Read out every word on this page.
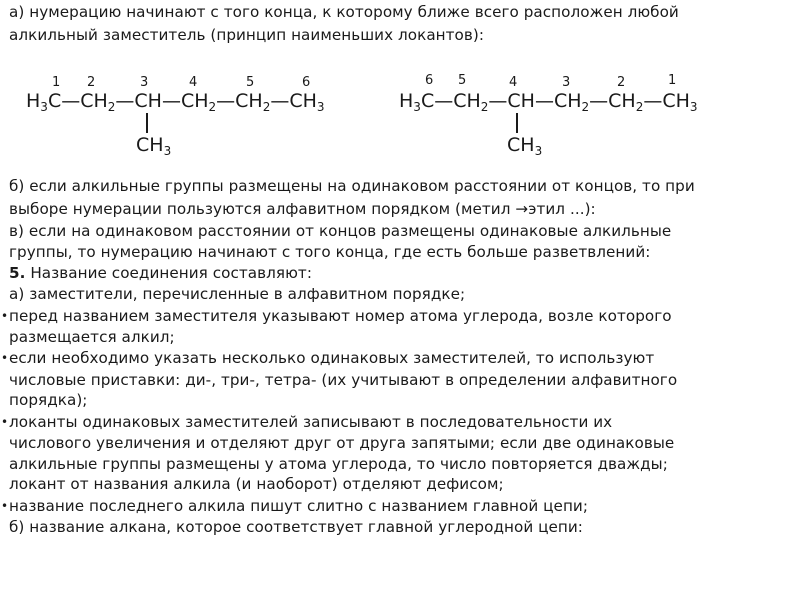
а) нумерацию начинают с того конца, к которому ближе всего расположен любой
алкильный заместитель (принцип наименьших локантов):
1 2	3	4	5	6
$H_3C—CH_2—CH—CH_2—CH_2—CH_3$
$CH_3$
6 5	4	3	2	1
$H_3C—CH_2—CH—CH_2—CH_2—CH_3$
$CH_3$
б) если алкильные группы размещены на одинаковом расстоянии от концов, то при
выборе нумерации пользуются алфавитном порядком (метил →этил ...):
в) если на одинаковом расстоянии от концов размещены одинаковые алкильные
группы, то нумерацию начинают с того конца, где есть больше разветвлений:
5. Название соединения составляют:
а) заместители, перечисленные в алфавитном порядке;
• перед названием заместителя указывают номер атома углерода, возле которого
размещается алкил;
• если необходимо указать несколько одинаковых заместителей, то используют
числовые приставки: ди-, три-, тетра- (их учитывают в определении алфавитного
порядка);
• локанты одинаковых заместителей записывают в последовательности их
числового увеличения и отделяют друг от друга запятыми; если две одинаковые
алкильные группы размещены у атома углерода, то число повторяется дважды;
локант от названия алкила (и наоборот) отделяют дефисом;
• название последнего алкила пишут слитно с названием главной цепи;
б) название алкана, которое соответствует главной углеродной цепи:
